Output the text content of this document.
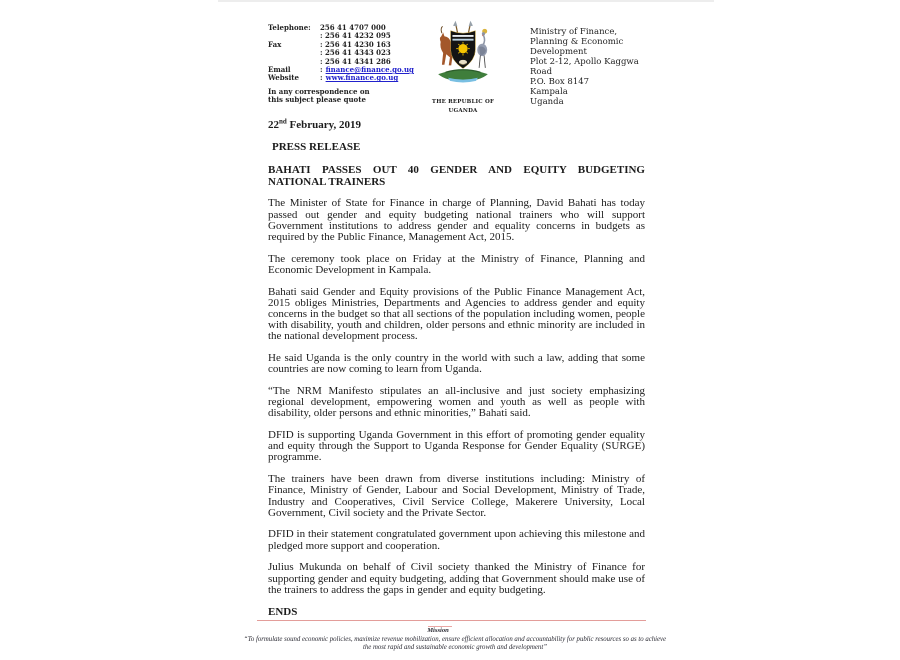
Telephone:	256 41 4707 000
: 256 41 4232 095
Fax	: 256 41 4230 163
: 256 41 4343 023
: 256 41 4341 286
Email	: finance@finance.go.ug
Website	: www.finance.go.ug
In any correspondence on
this subject please quote	THE REPUBLIC OF
UGANDA
Ministry of Finance,
Planning & Economic
Development
Plot 2-12, Apollo Kaggwa
Road
P.O. Box 8147
Kampala
Uganda
22nd February, 2019
PRESS RELEASE
BAHATI PASSES OUT 40 GENDER AND EQUITY BUDGETING NATIONAL TRAINERS

The Minister of State for Finance in charge of Planning, David Bahati has today passed out gender and equity budgeting national trainers who will support Government institutions to address gender and equality concerns in budgets as required by the Public Finance, Management Act, 2015.

The ceremony took place on Friday at the Ministry of Finance, Planning and Economic Development in Kampala.

Bahati said Gender and Equity provisions of the Public Finance Management Act, 2015 obliges Ministries, Departments and Agencies to address gender and equity concerns in the budget so that all sections of the population including women, people with disability, youth and children, older persons and ethnic minority are included in the national development process.

He said Uganda is the only country in the world with such a law, adding that some countries are now coming to learn from Uganda.

“The NRM Manifesto stipulates an all-inclusive and just society emphasizing regional development, empowering women and youth as well as people with disability, older persons and ethnic minorities,” Bahati said.

DFID is supporting Uganda Government in this effort of promoting gender equality and equity through the Support to Uganda Response for Gender Equality (SURGE) programme.

The trainers have been drawn from diverse institutions including: Ministry of Finance, Ministry of Gender, Labour and Social Development, Ministry of Trade, Industry and Cooperatives, Civil Service College, Makerere University, Local Government, Civil society and the Private Sector.

DFID in their statement congratulated government upon achieving this milestone and pledged more support and cooperation.

Julius Mukunda on behalf of Civil society thanked the Ministry of Finance for supporting gender and equity budgeting, adding that Government should make use of the trainers to address the gaps in gender and equity budgeting.

ENDS
Mission
“To formulate sound economic policies, maximize revenue mobilization, ensure efficient allocation and accountability for public resources so as to achieve the most rapid and sustainable economic growth and development”
